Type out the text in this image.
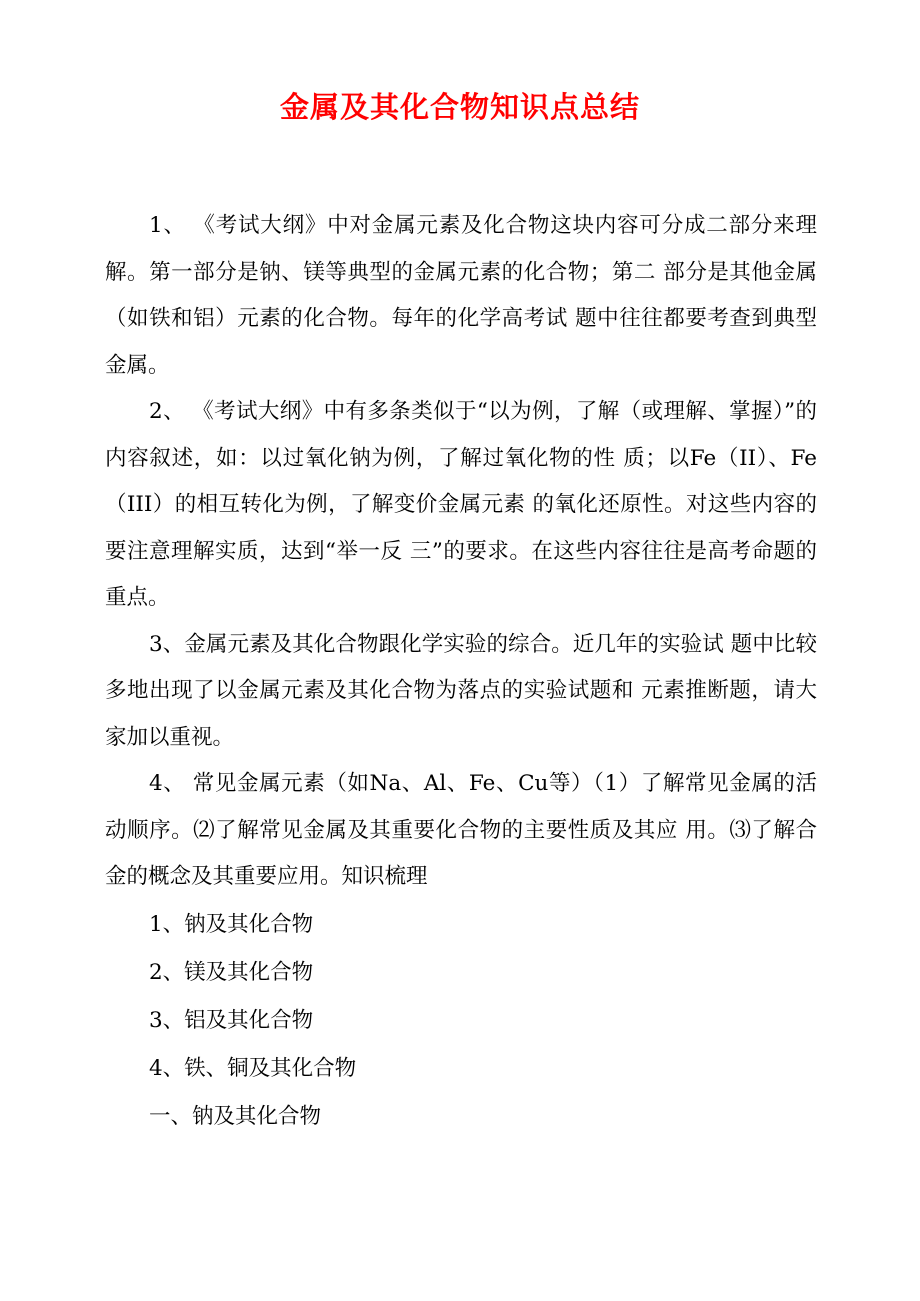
金属及其化合物知识点总结

1、 《考试大纲》中对金属元素及化合物这块内容可分成二部分来理解。第一部分是钠、镁等典型的金属元素的化合物；第二 部分是其他金属（如铁和铝）元素的化合物。每年的化学高考试 题中往往都要考查到典型金属。

2、 《考试大纲》中有多条类似于“以为例，了解（或理解、掌握）”的内容叙述，如：以过氧化钠为例，了解过氧化物的性 质；以Fe（II）、Fe （III）的相互转化为例，了解变价金属元素 的氧化还原性。对这些内容的要注意理解实质，达到“举一反 三”的要求。在这些内容往往是高考命题的重点。

3、金属元素及其化合物跟化学实验的综合。近几年的实验试 题中比较多地出现了以金属元素及其化合物为落点的实验试题和 元素推断题，请大家加以重视。

4、 常见金属元素（如Na、Al、Fe、Cu等）（1）了解常见金属的活动顺序。⑵了解常见金属及其重要化合物的主要性质及其应 用。⑶了解合金的概念及其重要应用。知识梳理

1、钠及其化合物

2、镁及其化合物

3、铝及其化合物

4、铁、铜及其化合物

一、钠及其化合物
